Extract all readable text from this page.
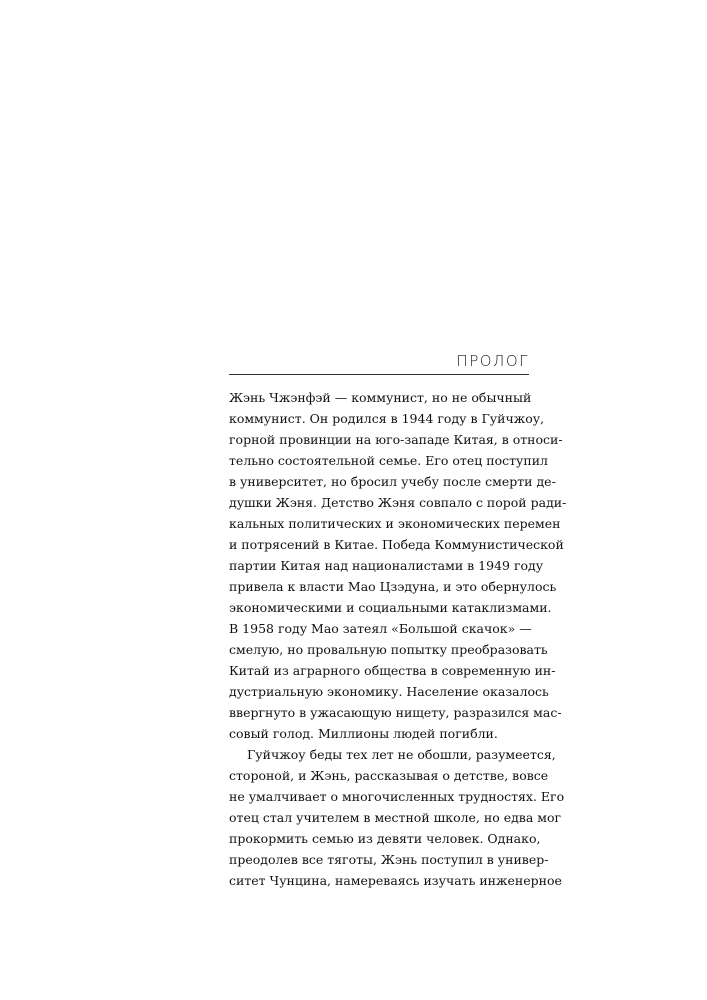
ПРОЛОГ
Жэнь Чжэнфэй — коммунист, но не обычный
коммунист. Он родился в 1944 году в Гуйчжоу,
горной провинции на юго-западе Китая, в относи-
тельно состоятельной семье. Его отец поступил
в университет, но бросил учебу после смерти де-
душки Жэня. Детство Жэня совпало с порой ради-
кальных политических и экономических перемен
и потрясений в Китае. Победа Коммунистической
партии Китая над националистами в 1949 году
привела к власти Мао Цзэдуна, и это обернулось
экономическими и социальными катаклизмами.
В 1958 году Мао затеял «Большой скачок» —
смелую, но провальную попытку преобразовать
Китай из аграрного общества в современную ин-
дустриальную экономику. Население оказалось
ввергнуто в ужасающую нищету, разразился мас-
совый голод. Миллионы людей погибли.
Гуйчжоу беды тех лет не обошли, разумеется,
стороной, и Жэнь, рассказывая о детстве, вовсе
не умалчивает о многочисленных трудностях. Его
отец стал учителем в местной школе, но едва мог
прокормить семью из девяти человек. Однако,
преодолев все тяготы, Жэнь поступил в универ-
ситет Чунцина, намереваясь изучать инженерное
